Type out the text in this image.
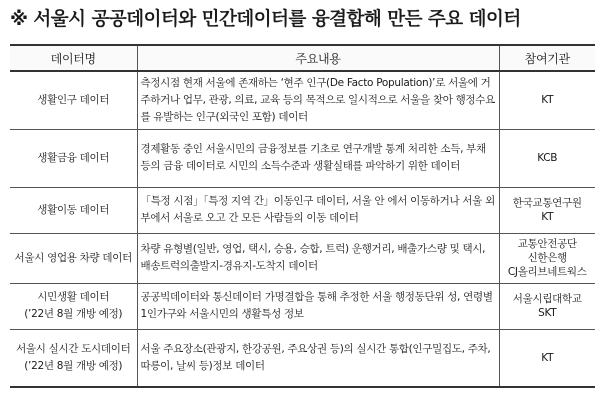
※ 서울시 공공데이터와 민간데이터를 융결합해 만든 주요 데이터
데이터명	주요내용	참여기관

생활인구 데이터	측정시점 현재 서울에 존재하는 ‘현주 인구(De Facto Population)’로 서울에 거주하거나 업무, 관광, 의료, 교육 등의 목적으로 일시적으로 서울을 찾아 행정수요를 유발하는 인구(외국인 포함) 데이터	KT

생활금융 데이터	경제활동 중인 서울시민의 금융정보를 기초로 연구개발 통계 처리한 소득, 부채 등의 금융 데이터로 시민의 소득수준과 생활실태를 파악하기 위한 데이터	KCB

생활이동 데이터	「특정 시점」「특정 지역 간」이동인구 데이터, 서울 안 에서 이동하거나 서울 외부에서 서울로 오고 간 모든 사람들의 이동 데이터	한국교통연구원
KT

서울시 영업용 차량 데이터	차량 유형별(일반, 영업, 택시, 승용, 승합, 트럭) 운행거리, 배출가스량 및 택시, 배송트럭의출발지-경유지-도착지 데이터	교통안전공단
신한은행
CJ올리브네트웍스

시민생활 데이터
(’22년 8월 개방 예정)	공공빅데이터와 통신데이터 가명결합을 통해 추정한 서울 행정동단위 성, 연령별 1인가구와 서울시민의 생활특성 정보	서울시립대학교
SKT

서울시 실시간 도시데이터
(’22년 8월 개방 예정)	서울 주요장소(관광지, 한강공원, 주요상권 등)의 실시간 통합(인구밀집도, 주차, 따릉이, 날씨 등)정보 데이터	KT
